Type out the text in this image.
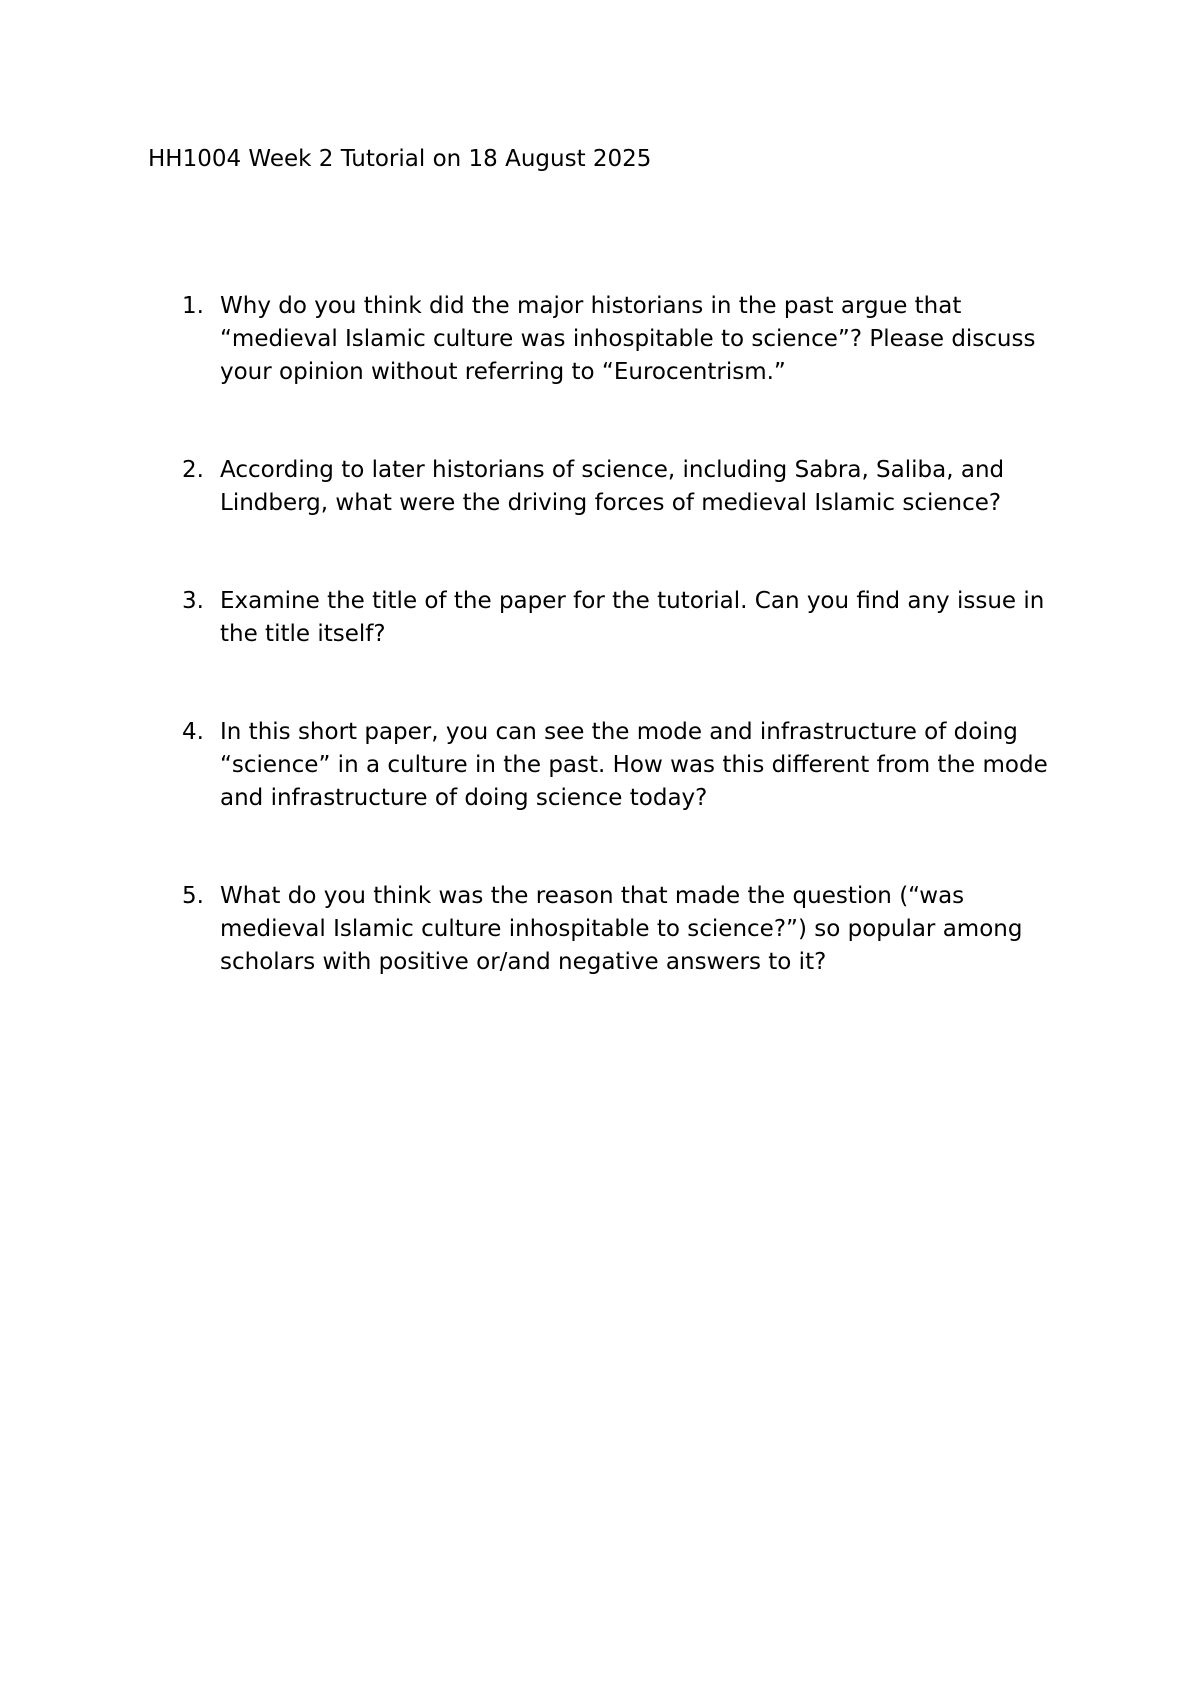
HH1004 Week 2 Tutorial on 18 August 2025
1. Why do you think did the major historians in the past argue that “medieval Islamic culture was inhospitable to science”? Please discuss your opinion without referring to “Eurocentrism.”
2. According to later historians of science, including Sabra, Saliba, and Lindberg, what were the driving forces of medieval Islamic science?
3. Examine the title of the paper for the tutorial. Can you find any issue in the title itself?
4. In this short paper, you can see the mode and infrastructure of doing “science” in a culture in the past. How was this different from the mode and infrastructure of doing science today?
5. What do you think was the reason that made the question (“was medieval Islamic culture inhospitable to science?”) so popular among scholars with positive or/and negative answers to it?
